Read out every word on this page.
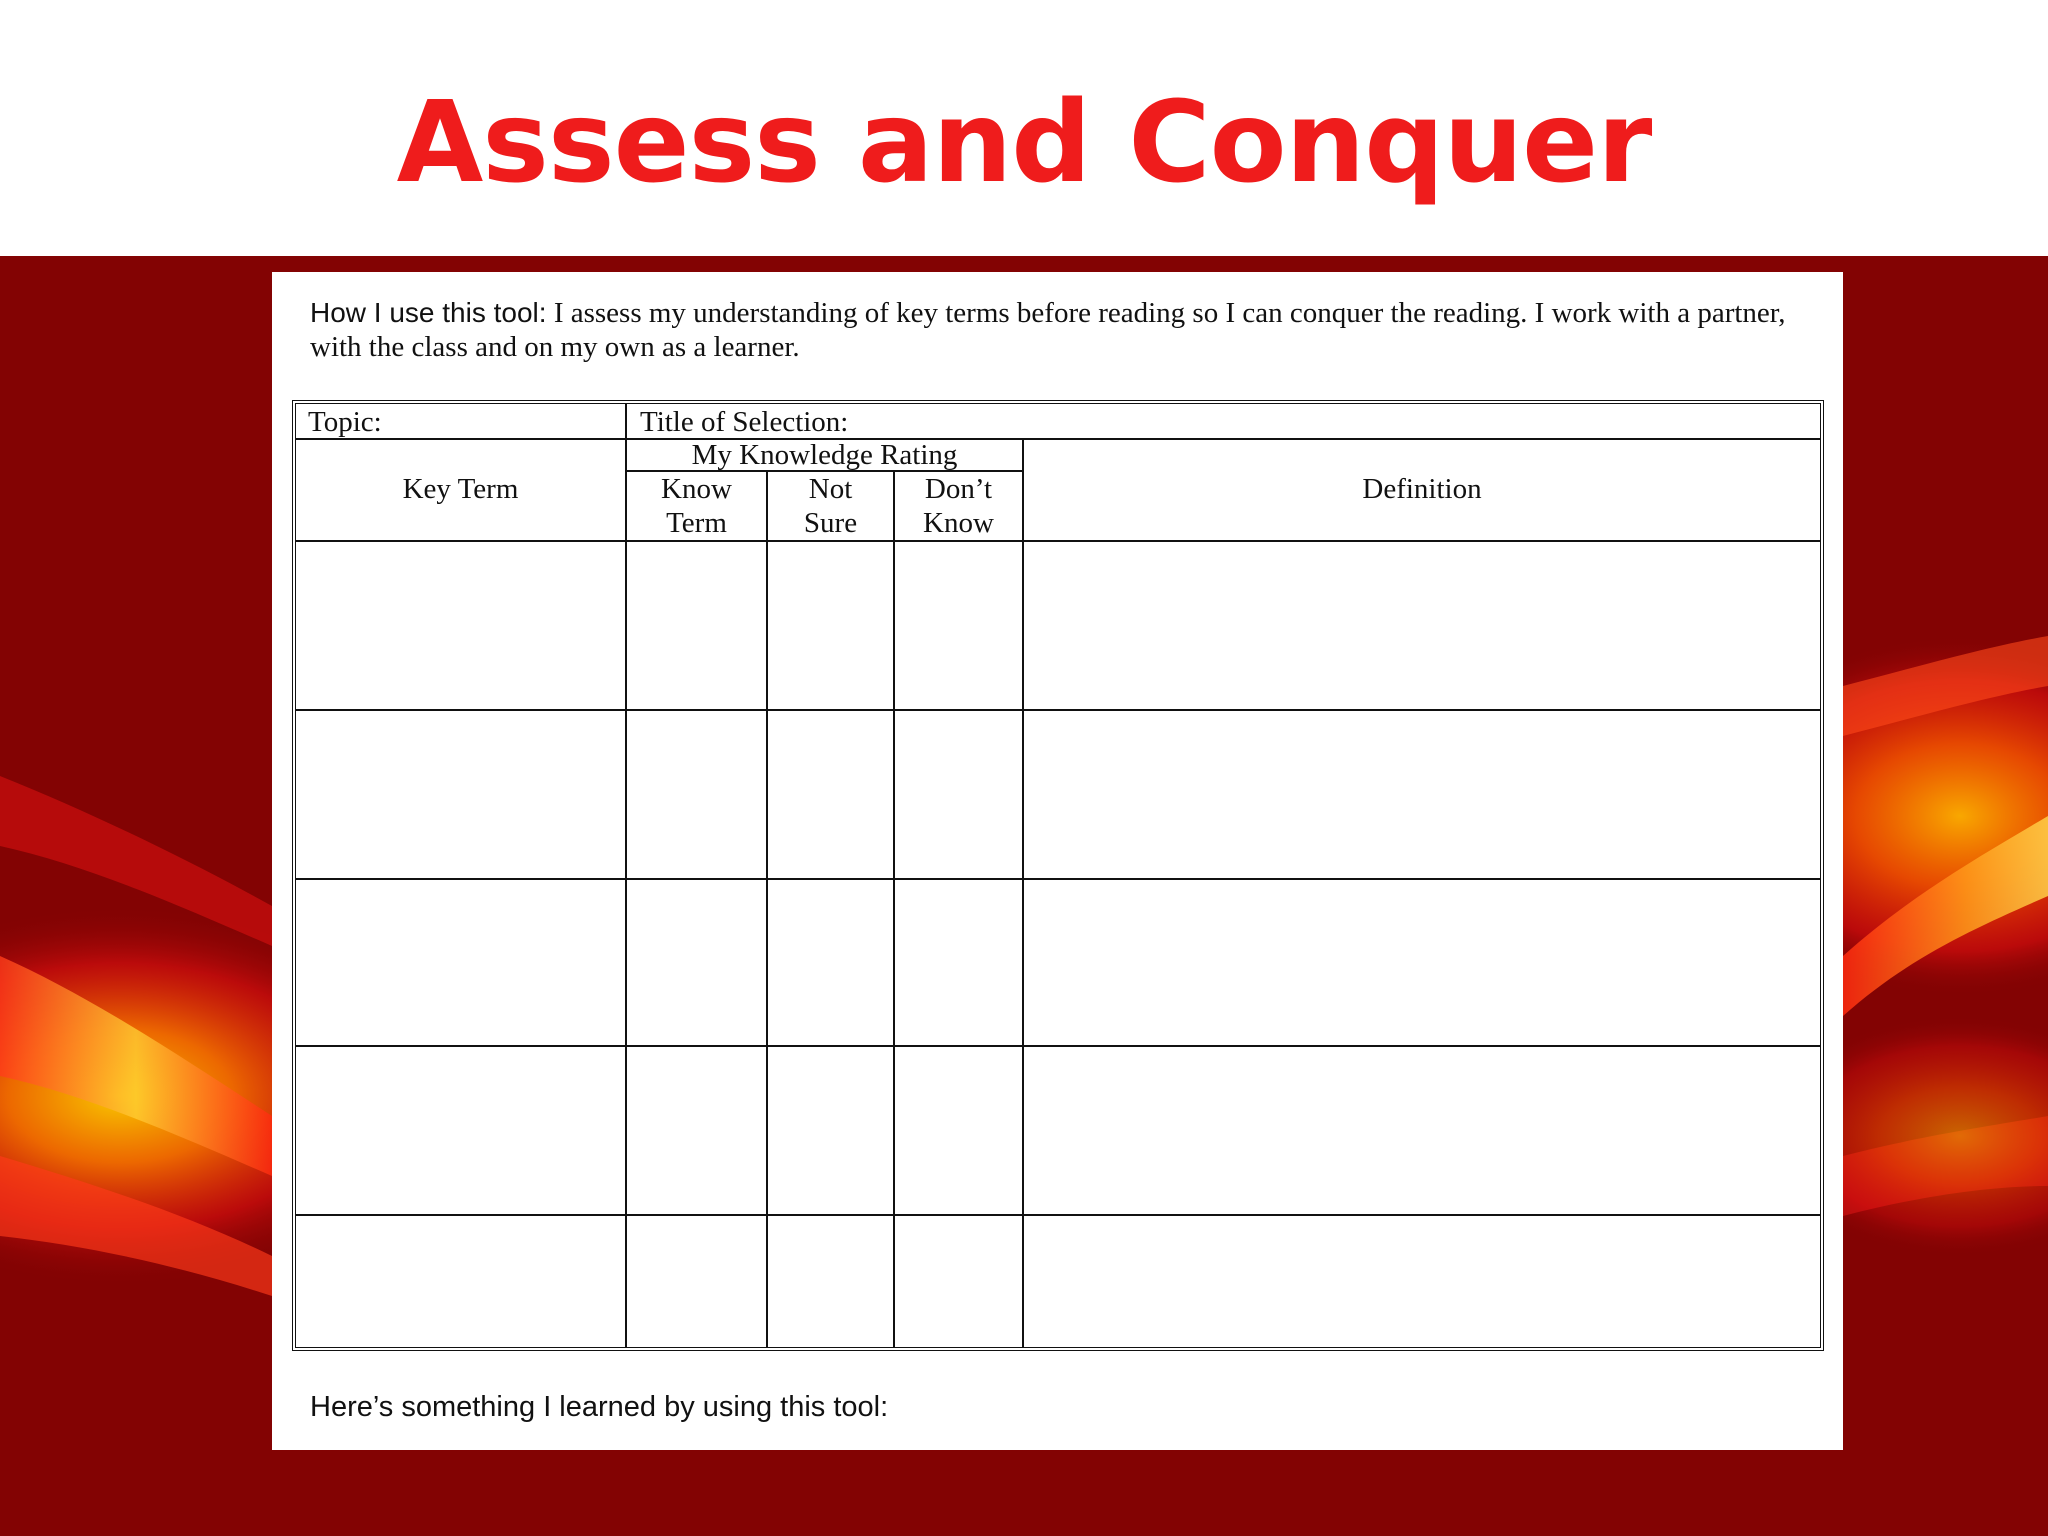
Assess and Conquer
How I use this tool: I assess my understanding of key terms before reading so I can conquer the reading. I work with a partner, with the class and on my own as a learner.
Topic:	Title of Selection:
Key Term
My Knowledge Rating
Know
Term
Not
Sure
Don’t
Know
Definition
Here’s something I learned by using this tool:
